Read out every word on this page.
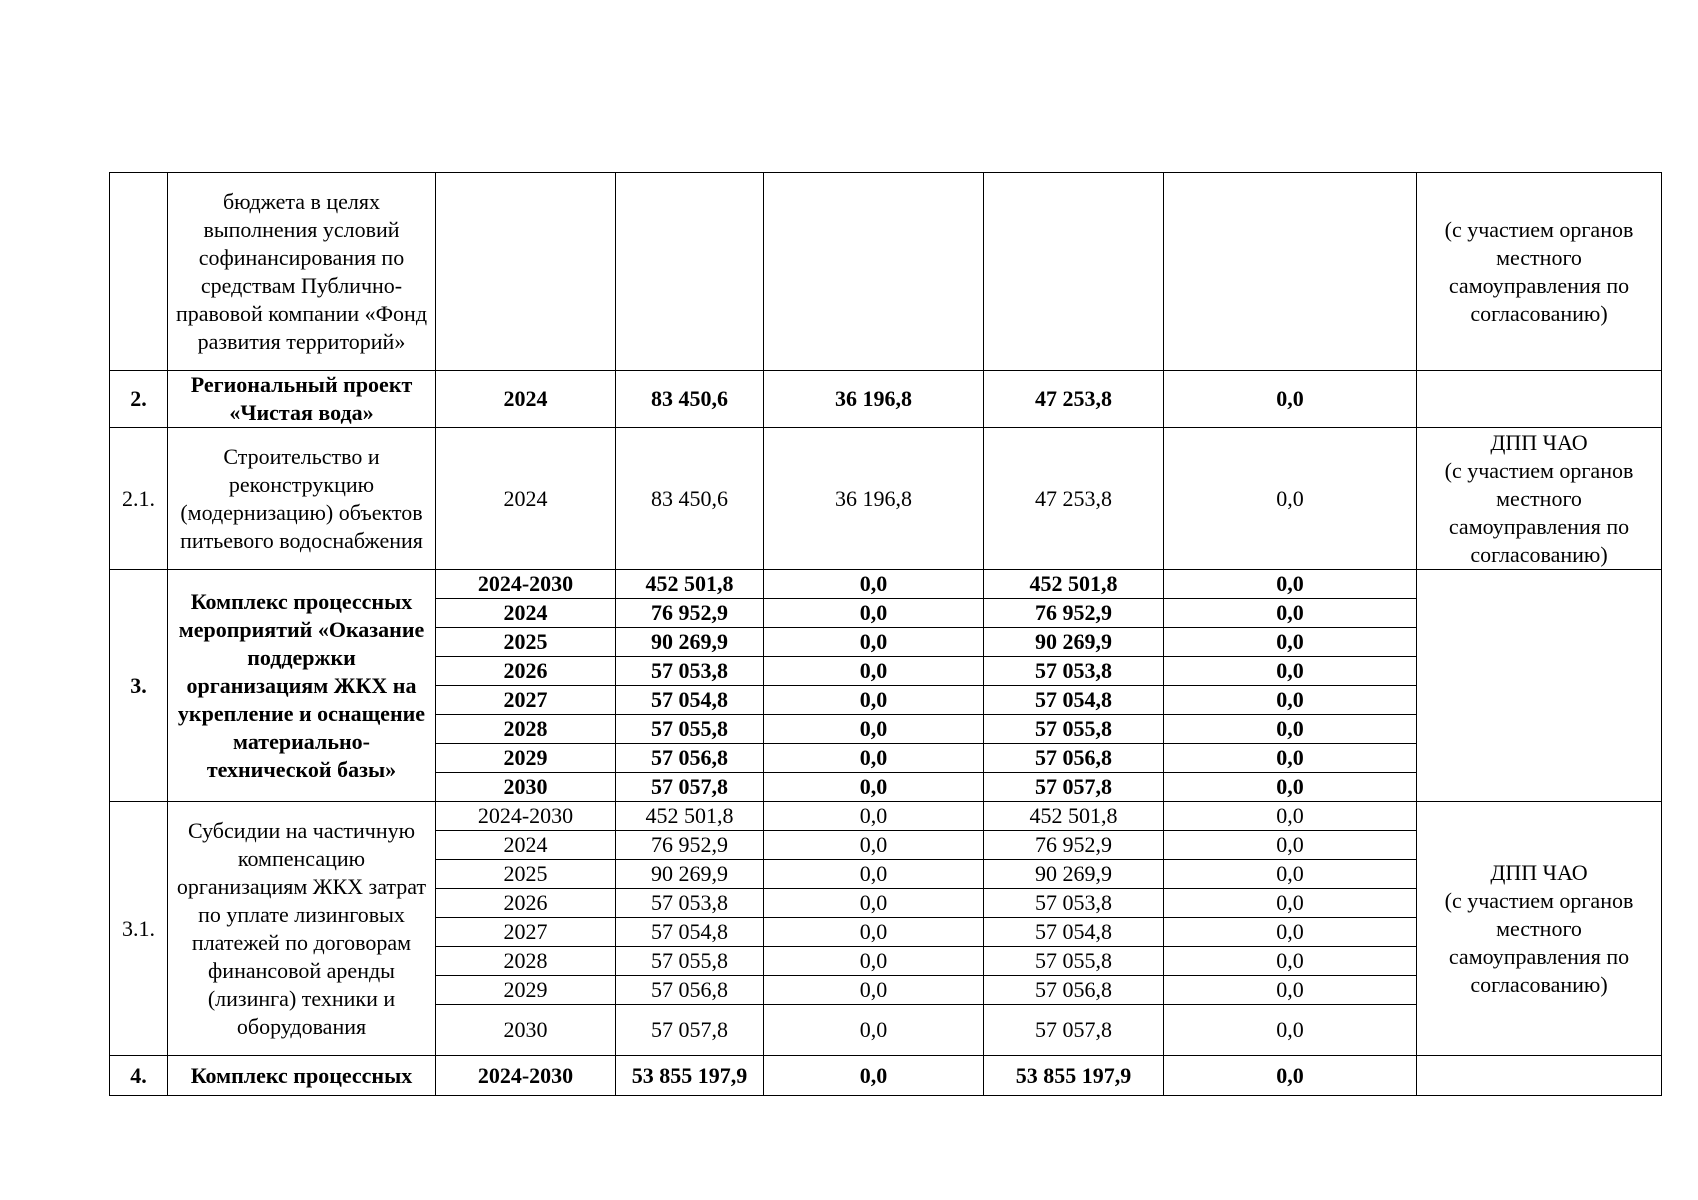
	бюджета в целях выполнения условий софинансирования по средствам Публично-правовой компании «Фонд развития территорий»						(с участием органов местного самоуправления по согласованию)
2.	Региональный проект «Чистая вода»	2024	83 450,6	36 196,8	47 253,8	0,0	
2.1.	Строительство и реконструкцию (модернизацию) объектов питьевого водоснабжения	2024	83 450,6	36 196,8	47 253,8	0,0	ДПП ЧАО
(с участием органов местного самоуправления по согласованию)

3.	Комплекс процессных мероприятий «Оказание поддержки организациям ЖКХ на укрепление и оснащение материально-технической базы»	2024-2030	452 501,8	0,0	452 501,8	0,0	
		2024	76 952,9	0,0	76 952,9	0,0	
		2025	90 269,9	0,0	90 269,9	0,0	
		2026	57 053,8	0,0	57 053,8	0,0	
		2027	57 054,8	0,0	57 054,8	0,0	
		2028	57 055,8	0,0	57 055,8	0,0	
		2029	57 056,8	0,0	57 056,8	0,0	
		2030	57 057,8	0,0	57 057,8	0,0	
3.1.	Субсидии на частичную компенсацию организациям ЖКХ затрат по уплате лизинговых платежей по договорам финансовой аренды (лизинга) техники и оборудования	2024-2030	452 501,8	0,0	452 501,8	0,0	ДПП ЧАО
(с участием органов местного самоуправления по согласованию)

		2024	76 952,9	0,0	76 952,9	0,0	
		2025	90 269,9	0,0	90 269,9	0,0	
		2026	57 053,8	0,0	57 053,8	0,0	
		2027	57 054,8	0,0	57 054,8	0,0	
		2028	57 055,8	0,0	57 055,8	0,0	
		2029	57 056,8	0,0	57 056,8	0,0	
		2030	57 057,8	0,0	57 057,8	0,0	
4.	Комплекс процессных	2024-2030	53 855 197,9	0,0	53 855 197,9	0,0	
